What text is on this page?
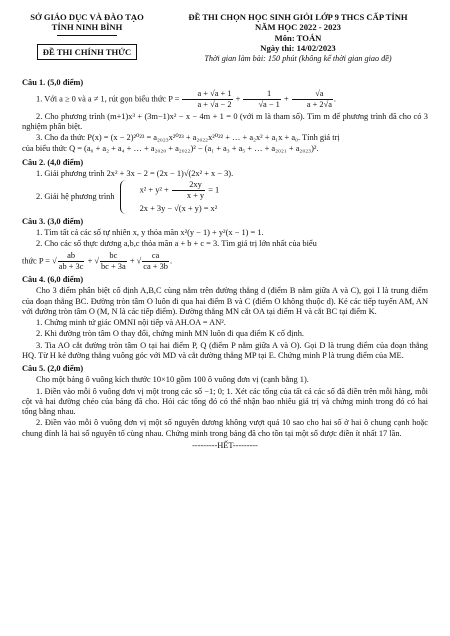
SỞ GIÁO DỤC VÀ ĐÀO TẠO
TỈNH NINH BÌNH
ĐỀ THI CHÍNH THỨC
ĐỀ THI CHỌN HỌC SINH GIỎI LỚP 9 THCS CẤP TỈNH
NĂM HỌC 2022 - 2023
Môn: TOÁN
Ngày thi: 14/02/2023
Thời gian làm bài: 150 phút (không kể thời gian giao đề)
Câu 1. (5,0 điểm)
1. Với a ≥ 0 và a ≠ 1, rút gọn biểu thức $P = \frac{a + √a + 1}{a + √a - 2} + \frac{1}{√a - 1} + \frac{√a}{a + 2√a}$ .
2. Cho phương trình (m+1)x³ + (3m−1)x² − x − 4m + 1 = 0 (với m là tham số). Tìm m để phương trình đã cho có 3 nghiệm phân biệt.
3. Cho đa thức P(x) = (x − 2)²⁰²³ = a₂₀₂₃x²⁰²³ + a₂₀₂₂x²⁰²² + … + a₂x² + a₁x + a₀. Tính giá trị
của biểu thức Q = (a₀ + a₂ + a₄ + … + a₂₀₂₀ + a₂₀₂₂)² − (a₁ + a₃ + a₅ + … + a₂₀₂₁ + a₂₀₂₃)².
Câu 2. (4,0 điểm)
1. Giải phương trình 2x² + 3x − 2 = (2x − 1)√(2x² + x − 3).
2. Giải hệ phương trình
$x^2 + y^2 + \frac{2xy}{x + y} = 1$
2x + 3y − √(x + y) = x²
Câu 3. (3,0 điểm)
1. Tìm tất cả các số tự nhiên x, y thỏa mãn x²(y − 1) + y²(x − 1) = 1.
2. Cho các số thực dương a,b,c thỏa mãn a + b + c = 3. Tìm giá trị lớn nhất của biểu
thức P = √ $\frac{ab}{ab + 3c}$ + √ $\frac{bc}{bc + 3a}$ + √ $\frac{ca}{ca + 3b}$ .
Câu 4. (6,0 điểm)
Cho 3 điểm phân biệt cố định A,B,C cùng nằm trên đường thẳng d (điểm B nằm giữa A và C), gọi I là trung điểm của đoạn thẳng BC. Đường tròn tâm O luôn đi qua hai điểm B và C (điểm O không thuộc d). Kẻ các tiếp tuyến AM, AN với đường tròn tâm O (M, N là các tiếp điểm). Đường thẳng MN cắt OA tại điểm H và cắt BC tại điểm K.
1. Chứng minh tứ giác OMNI nội tiếp và AH.OA = AN².
2. Khi đường tròn tâm O thay đổi, chứng minh MN luôn đi qua điểm K cố định.
3. Tia AO cắt đường tròn tâm O tại hai điểm P, Q (điểm P nằm giữa A và O). Gọi D là trung điểm của đoạn thẳng HQ. Từ H kẻ đường thẳng vuông góc với MD và cắt đường thẳng MP tại E. Chứng minh P là trung điểm của ME.
Câu 5. (2,0 điểm)
Cho một bảng ô vuông kích thước 10×10 gồm 100 ô vuông đơn vị (cạnh bằng 1).
1. Điền vào mỗi ô vuông đơn vị một trong các số −1; 0; 1. Xét các tổng của tất cả các số đã điền trên mỗi hàng, mỗi cột và hai đường chéo của bảng đã cho. Hỏi các tổng đó có thể nhận bao nhiêu giá trị và chứng minh trong đó có hai tổng bằng nhau.
2. Điền vào mỗi ô vuông đơn vị một số nguyên dương không vượt quá 10 sao cho hai số ở hai ô chung cạnh hoặc chung đỉnh là hai số nguyên tố cùng nhau. Chứng minh trong bảng đã cho tồn tại một số được điền ít nhất 17 lần.
---------HẾT---------
